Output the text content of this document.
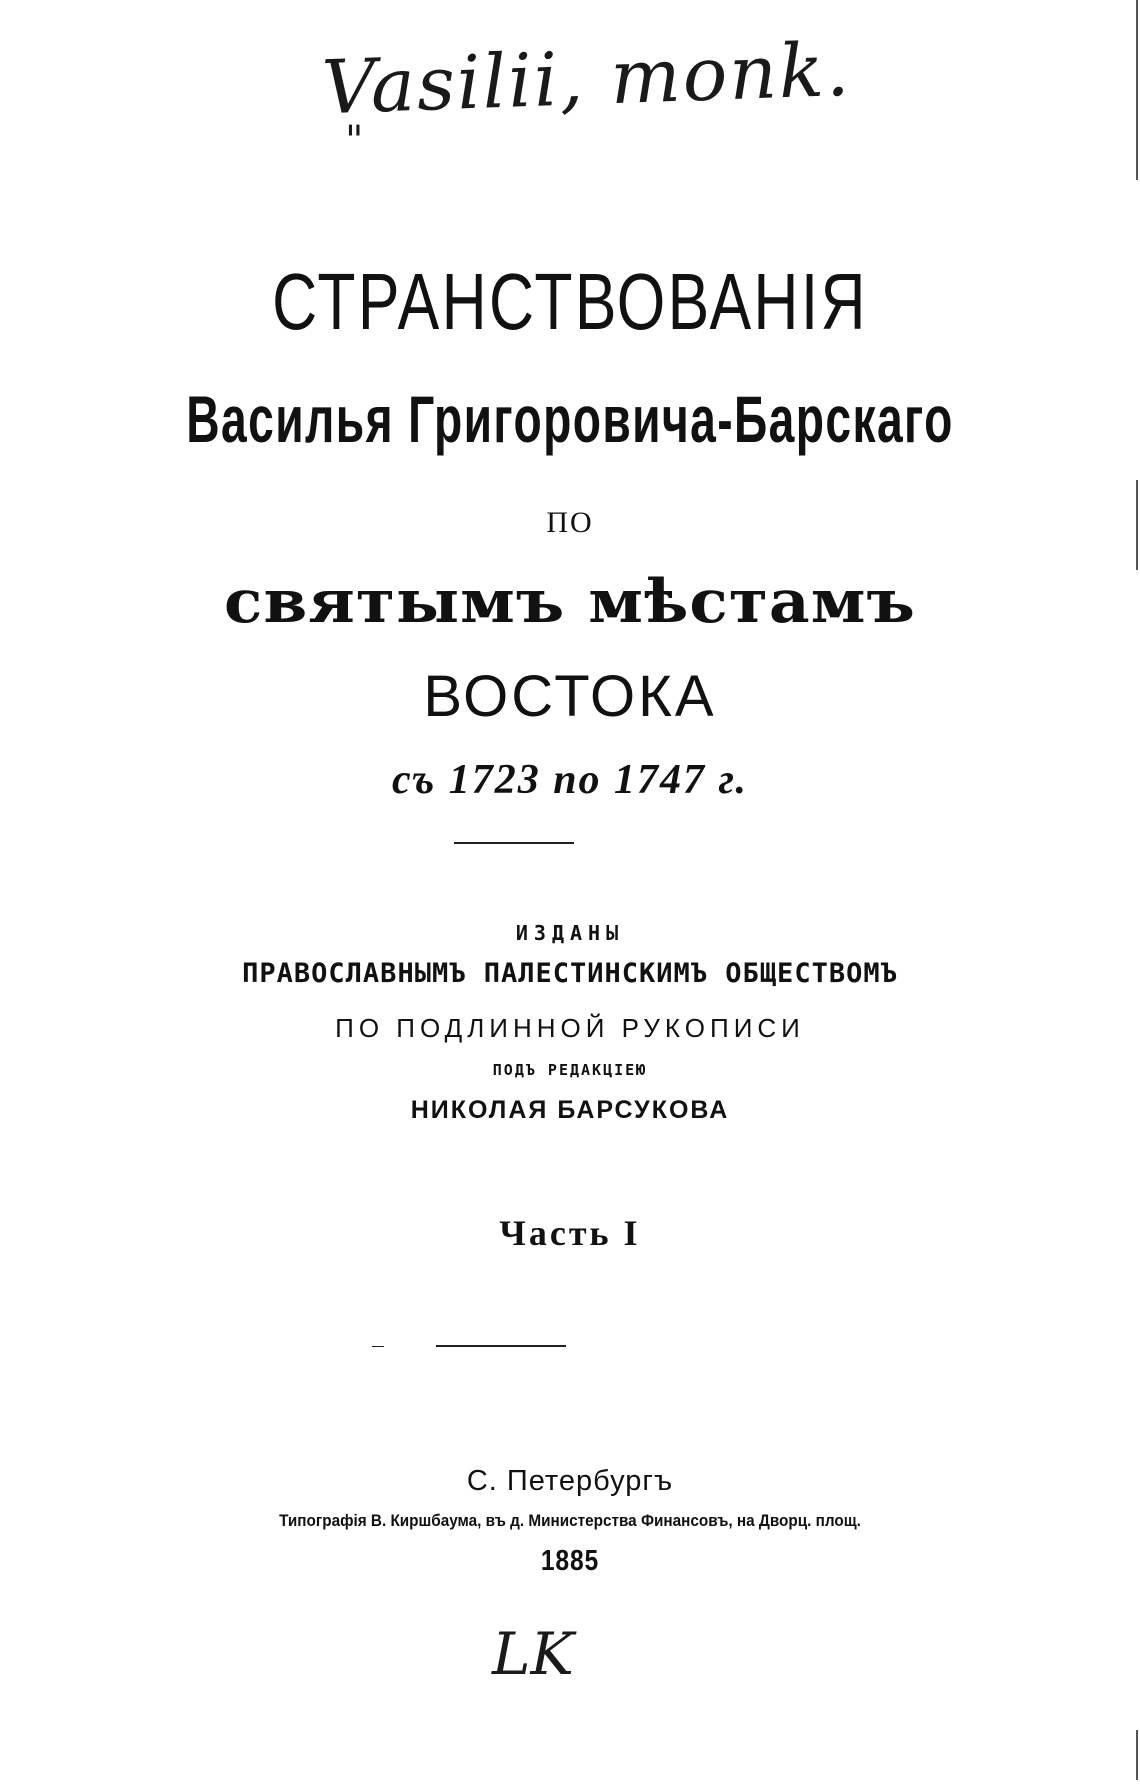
Vasilii, monk.
"
СТРАНСТВОВАНІЯ
Василья Григоровича-Барскаго
ПО
святымъ мѣстамъ
ВОСТОКА
съ 1723 по 1747 г.
ИЗДАНЫ
ПРАВОСЛАВНЫМЪ ПАЛЕСТИНСКИМЪ ОБЩЕСТВОМЪ
ПО ПОДЛИННОЙ РУКОПИСИ
ПОДЪ РЕДАКЦІЕЮ
НИКОЛАЯ БАРСУКОВА
Часть I
С. Петербургъ
Типографія В. Киршбаума, въ д. Министерства Финансовъ, на Дворц. площ.
1885
LK
